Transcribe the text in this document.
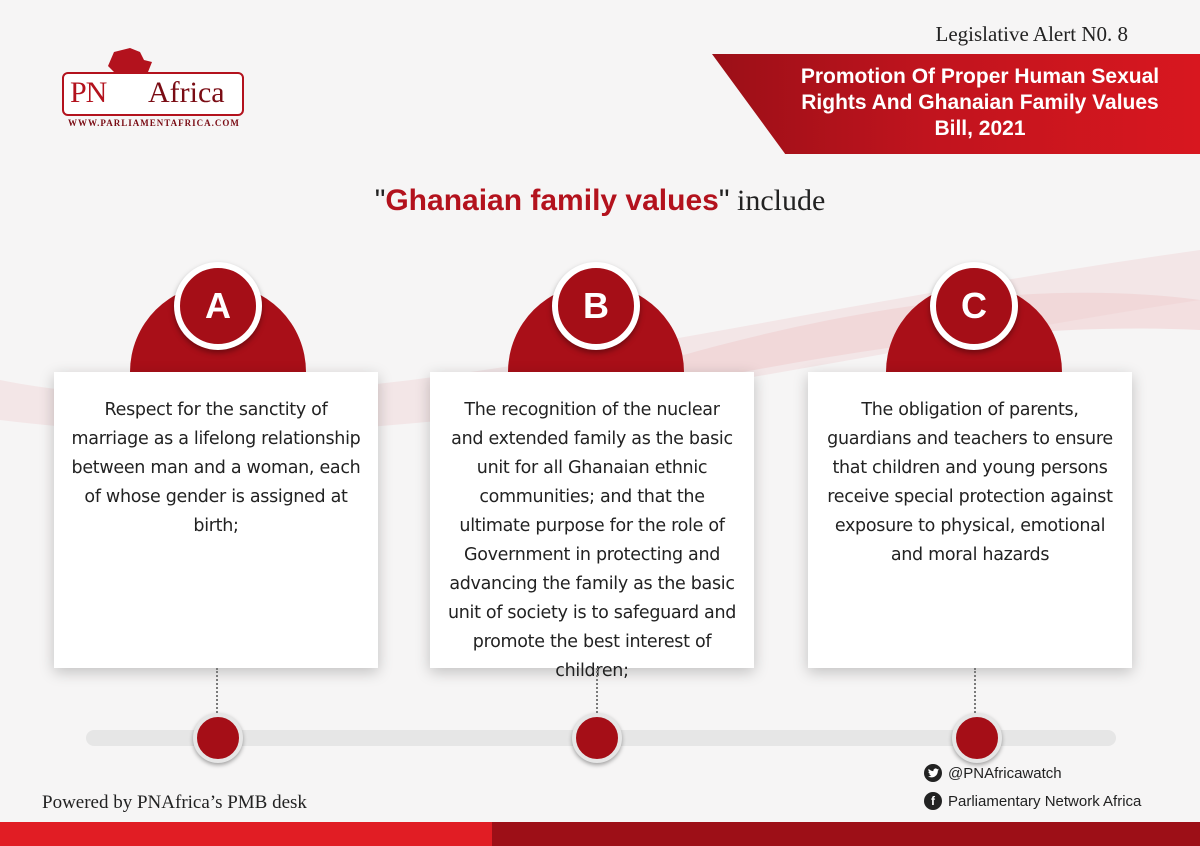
PN Africa
WWW.PARLIAMENTAFRICA.COM
Legislative Alert N0. 8
Promotion Of Proper Human Sexual Rights And Ghanaian Family Values Bill, 2021
"Ghanaian family values" include
A
Respect for the sanctity of marriage as a lifelong relationship between man and a woman, each of whose gender is assigned at birth;
B
The recognition of the nuclear and extended family as the basic unit for all Ghanaian ethnic communities; and that the ultimate purpose for the role of Government in protecting and advancing the family as the basic unit of society is to safeguard and promote the best interest of children;
C
The obligation of parents, guardians and teachers to ensure that children and young persons receive special protection against exposure to physical, emotional and moral hazards
Powered by PNAfrica’s PMB desk
@PNAfricawatch
f Parliamentary Network Africa
